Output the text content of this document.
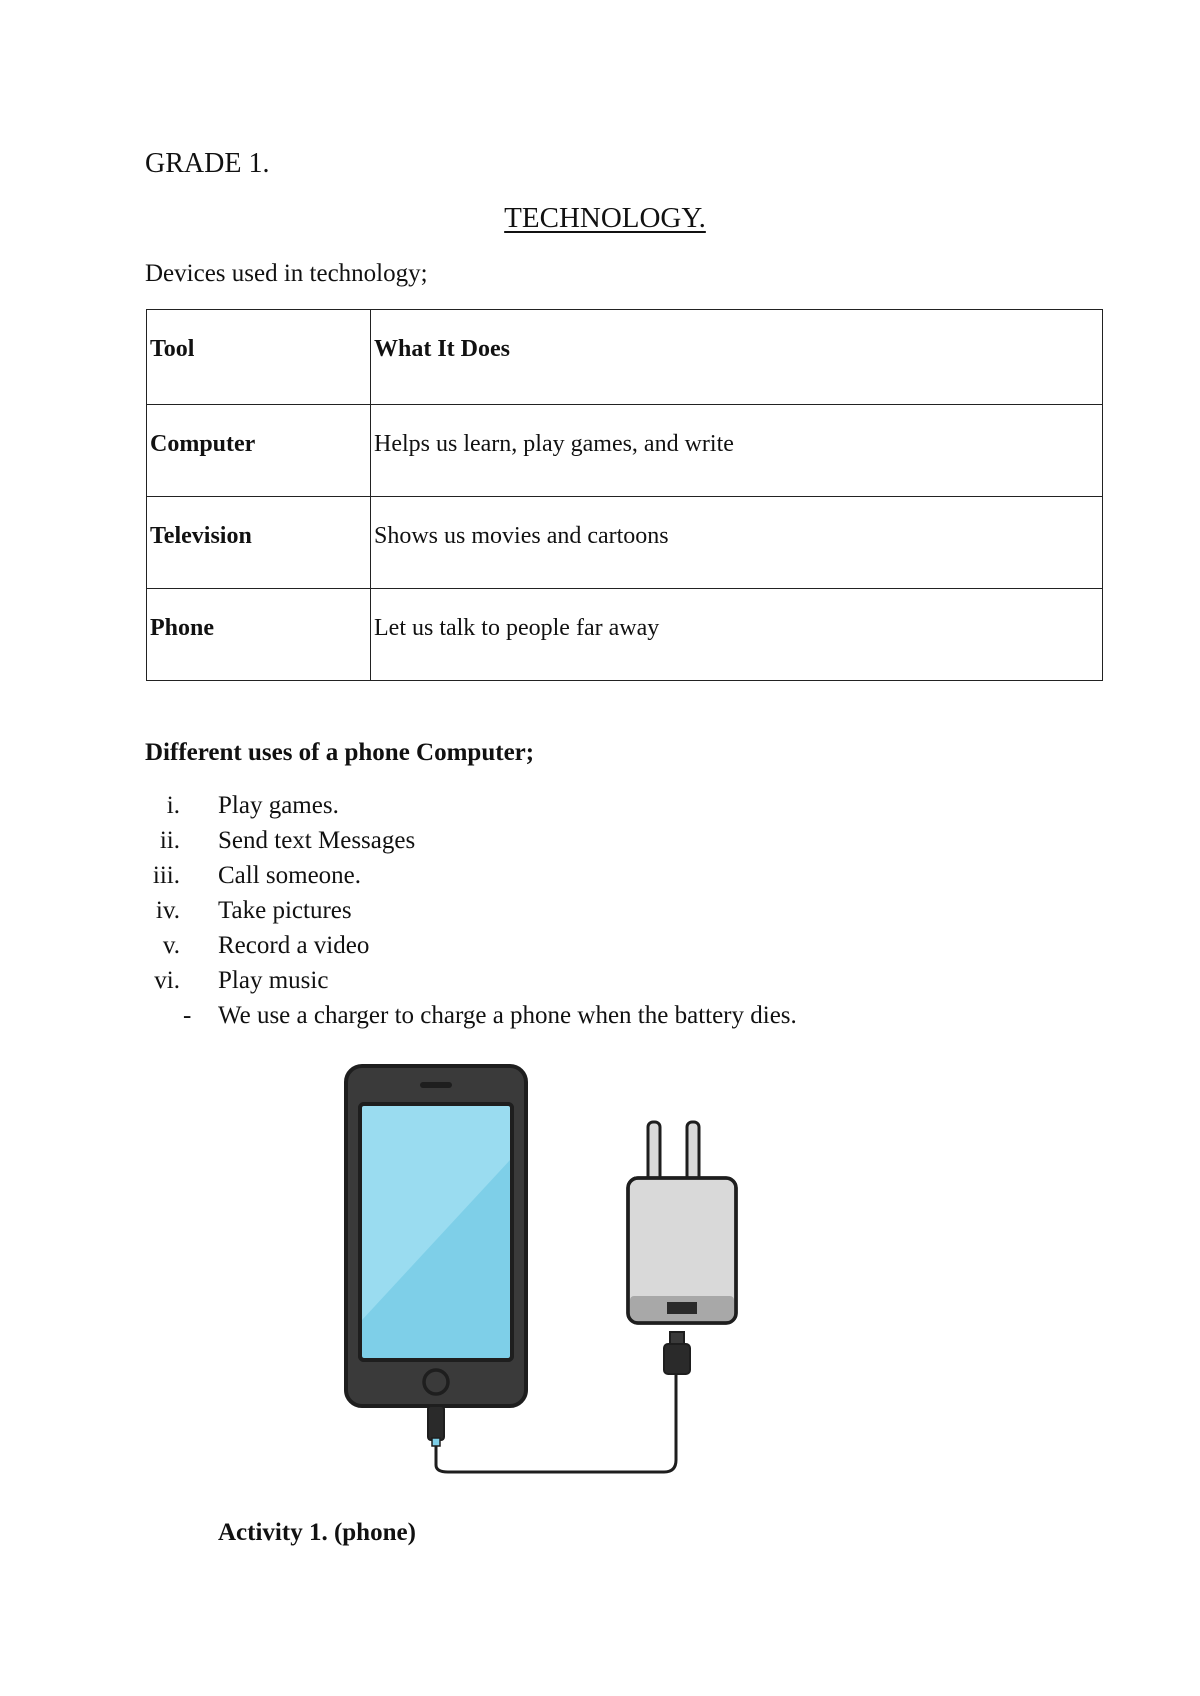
GRADE 1.
TECHNOLOGY.
Devices used in technology;
Tool	What It Does
Computer	Helps us learn, play games, and write
Television	Shows us movies and cartoons
Phone	Let us talk to people far away
Different uses of a phone Computer;
i. Play games.
ii. Send text Messages
iii. Call someone.
iv. Take pictures
v. Record a video
vi. Play music
- We use a charger to charge a phone when the battery dies.
Activity 1. (phone)
